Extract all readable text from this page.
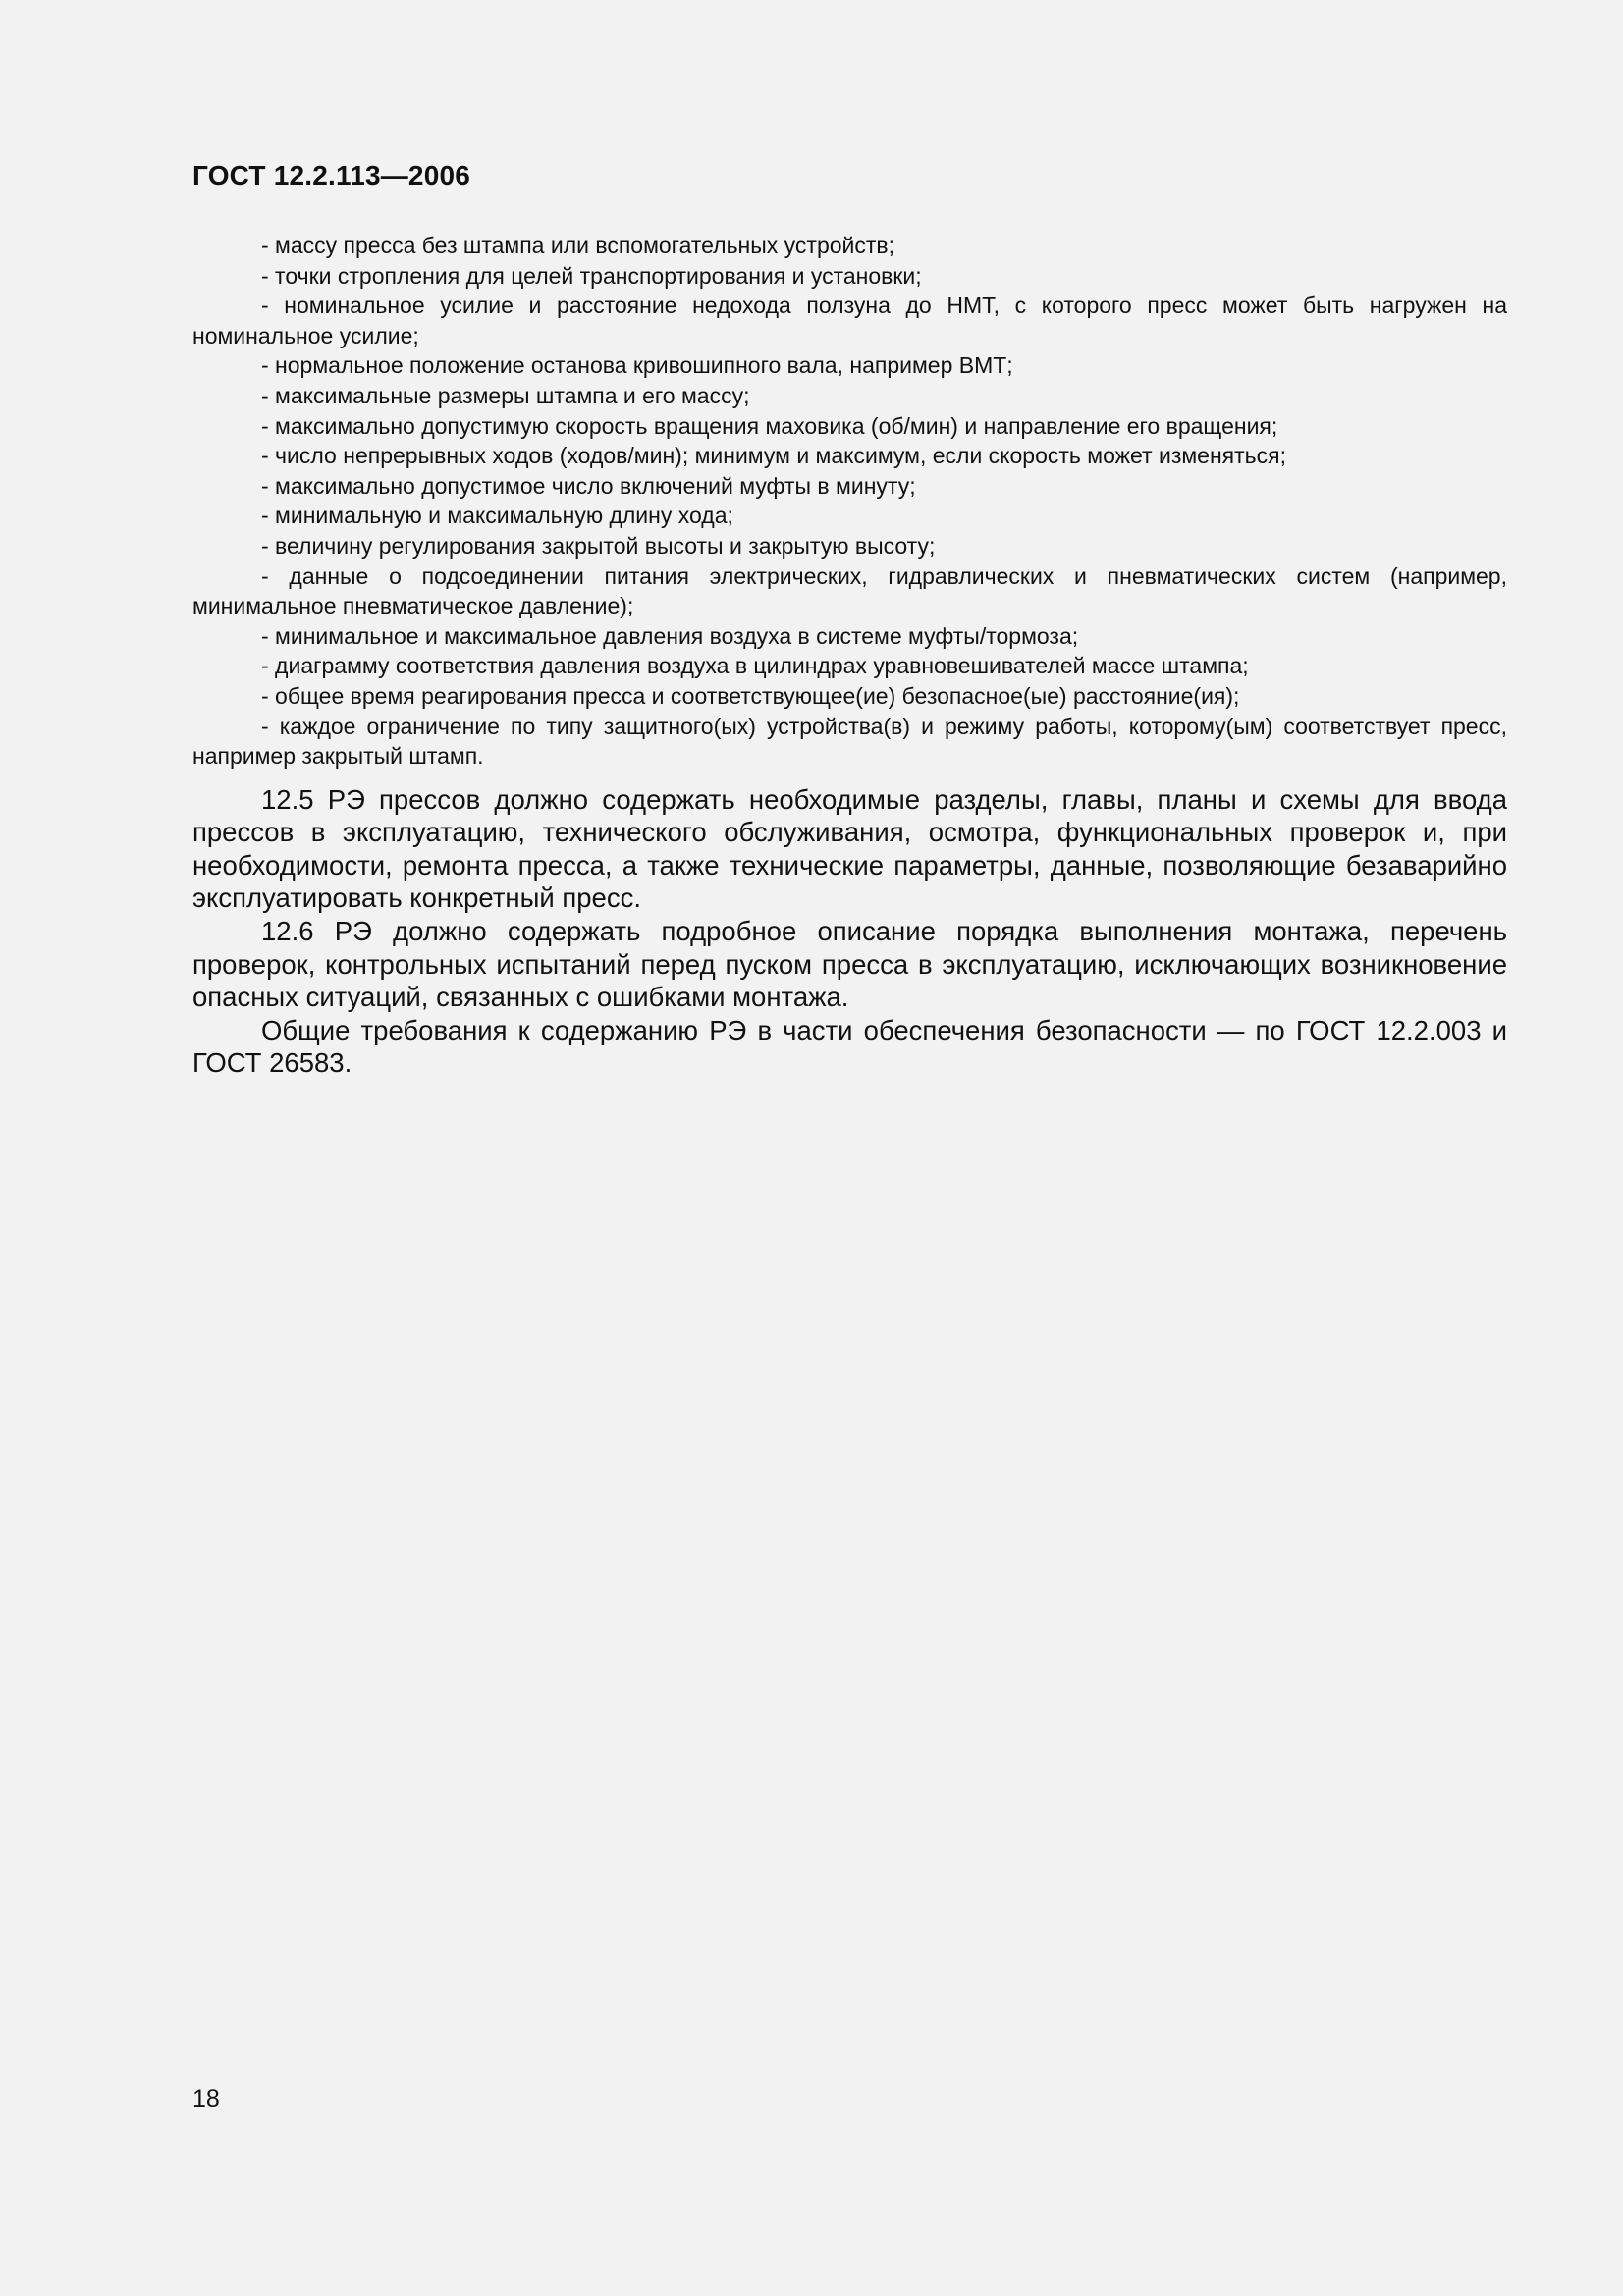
ГОСТ 12.2.113—2006
- массу пресса без штампа или вспомогательных устройств;
- точки стропления для целей транспортирования и установки;
- номинальное усилие и расстояние недохода ползуна до НМТ, с которого пресс может быть нагружен на номинальное усилие;
- нормальное положение останова кривошипного вала, например ВМТ;
- максимальные размеры штампа и его массу;
- максимально допустимую скорость вращения маховика (об/мин) и направление его вращения;
- число непрерывных ходов (ходов/мин); минимум и максимум, если скорость может изменяться;
- максимально допустимое число включений муфты в минуту;
- минимальную и максимальную длину хода;
- величину регулирования закрытой высоты и закрытую высоту;
- данные о подсоединении питания электрических, гидравлических и пневматических систем (например, минимальное пневматическое давление);
- минимальное и максимальное давления воздуха в системе муфты/тормоза;
- диаграмму соответствия давления воздуха в цилиндрах уравновешивателей массе штампа;
- общее время реагирования пресса и соответствующее(ие) безопасное(ые) расстояние(ия);
- каждое ограничение по типу защитного(ых) устройства(в) и режиму работы, которому(ым) соответствует пресс, например закрытый штамп.
12.5 РЭ прессов должно содержать необходимые разделы, главы, планы и схемы для ввода прессов в эксплуатацию, технического обслуживания, осмотра, функциональных проверок и, при необходимости, ремонта пресса, а также технические параметры, данные, позволяющие безаварийно эксплуатировать конкретный пресс.
12.6 РЭ должно содержать подробное описание порядка выполнения монтажа, перечень проверок, контрольных испытаний перед пуском пресса в эксплуатацию, исключающих возникновение опасных ситуаций, связанных с ошибками монтажа.
Общие требования к содержанию РЭ в части обеспечения безопасности — по ГОСТ 12.2.003 и ГОСТ 26583.
18
